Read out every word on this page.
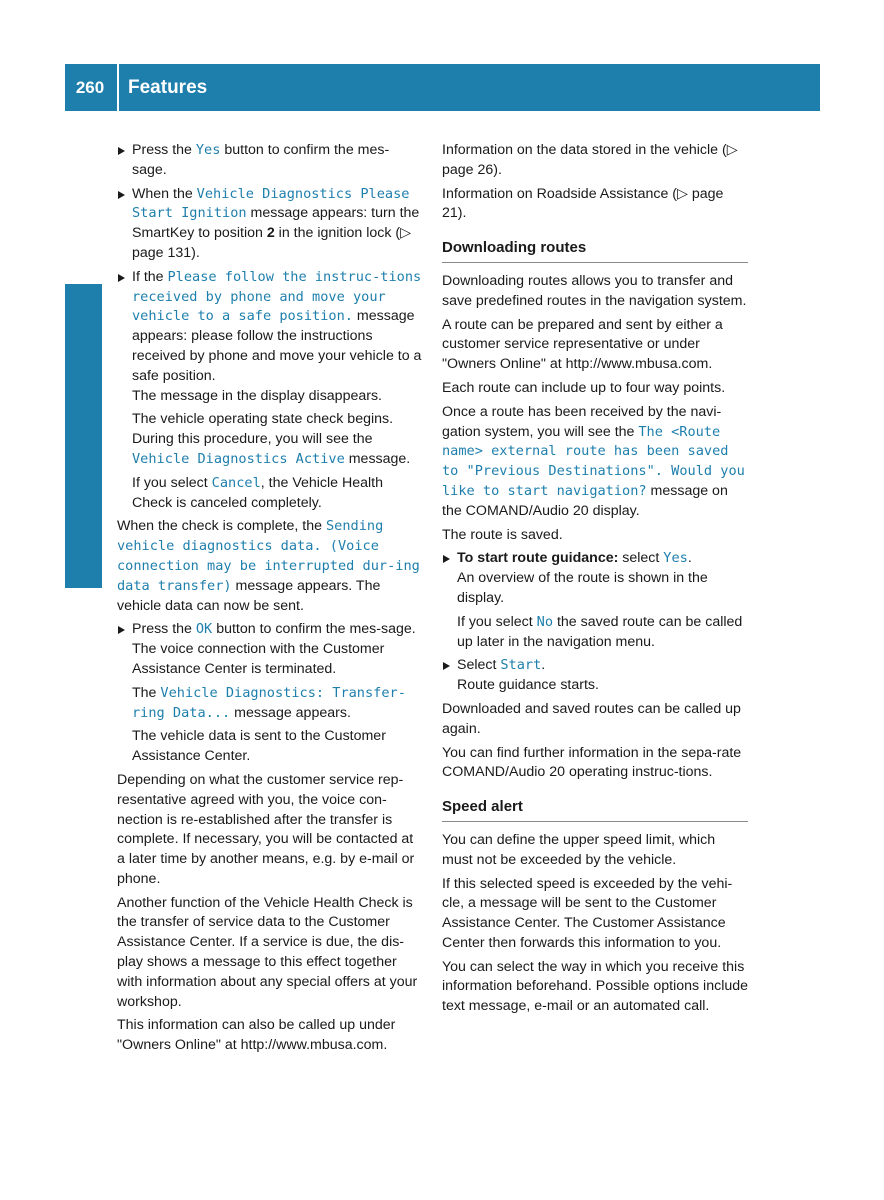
260	Features
Stowage and features
Press the Yes button to confirm the mes-sage.
When the Vehicle Diagnostics Please Start Ignition message appears: turn the SmartKey to position 2 in the ignition lock (▷ page 131).
If the Please follow the instruc-tions received by phone and move your vehicle to a safe position. message appears: please follow the instructions received by phone and move your vehicle to a safe position.
The message in the display disappears.
The vehicle operating state check begins. During this procedure, you will see the Vehicle Diagnostics Active message.
If you select Cancel, the Vehicle Health Check is canceled completely.
When the check is complete, the Sending vehicle diagnostics data. (Voice connection may be interrupted dur-ing data transfer) message appears. The vehicle data can now be sent.
Press the OK button to confirm the mes-sage.
The voice connection with the Customer Assistance Center is terminated.
The Vehicle Diagnostics: Transfer-ring Data... message appears.
The vehicle data is sent to the Customer Assistance Center.
Depending on what the customer service rep-resentative agreed with you, the voice con-nection is re-established after the transfer is complete. If necessary, you will be contacted at a later time by another means, e.g. by e-mail or phone.
Another function of the Vehicle Health Check is the transfer of service data to the Customer Assistance Center. If a service is due, the dis-play shows a message to this effect together with information about any special offers at your workshop.
This information can also be called up under "Owners Online" at http://www.mbusa.com.
Information on the data stored in the vehicle (▷ page 26).
Information on Roadside Assistance (▷ page 21).
Downloading routes
Downloading routes allows you to transfer and save predefined routes in the navigation system.
A route can be prepared and sent by either a customer service representative or under "Owners Online" at http://www.mbusa.com.
Each route can include up to four way points.
Once a route has been received by the navi-gation system, you will see the The <Route name> external route has been saved to "Previous Destinations". Would you like to start navigation? message on the COMAND/Audio 20 display.
The route is saved.
To start route guidance: select Yes.
An overview of the route is shown in the display.
If you select No the saved route can be called up later in the navigation menu.
Select Start.
Route guidance starts.
Downloaded and saved routes can be called up again.
You can find further information in the sepa-rate COMAND/Audio 20 operating instruc-tions.
Speed alert
You can define the upper speed limit, which must not be exceeded by the vehicle.
If this selected speed is exceeded by the vehi-cle, a message will be sent to the Customer Assistance Center. The Customer Assistance Center then forwards this information to you.
You can select the way in which you receive this information beforehand. Possible options include text message, e-mail or an automated call.
